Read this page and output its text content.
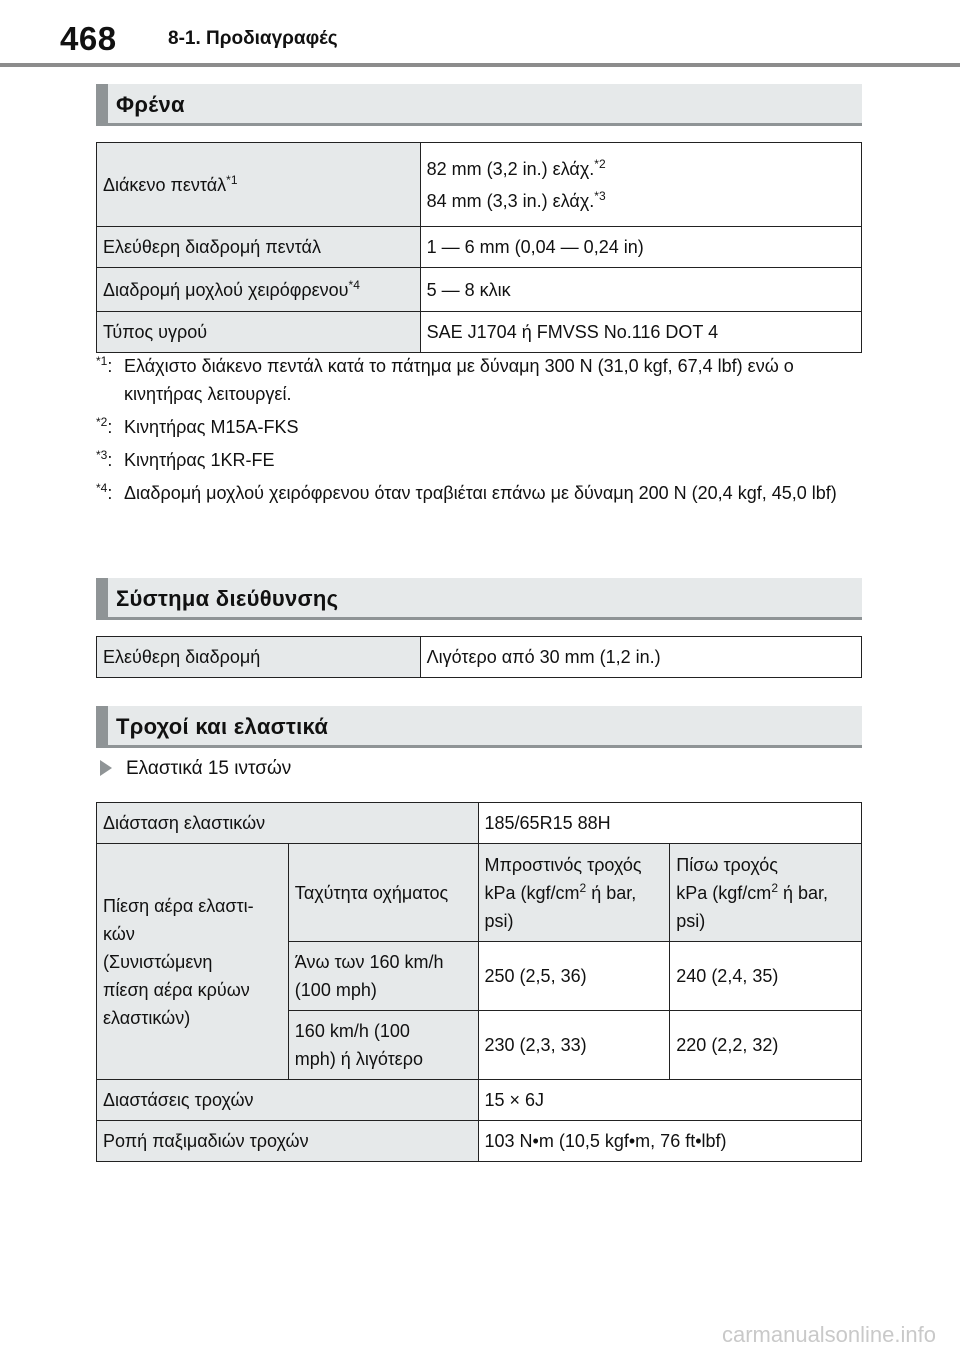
468	8-1. Προδιαγραφές
Φρένα
Διάκενο πεντάλ$^{*1}$	82 mm (3,2 in.) ελάχ.$^{*2}$
84 mm (3,3 in.) ελάχ.$^{*3}$

Ελεύθερη διαδρομή πεντάλ	1 — 6 mm (0,04 — 0,24 in)
Διαδρομή μοχλού χειρόφρενου$^{*4}$	5 — 8 κλικ
Τύπος υγρού	SAE J1704 ή FMVSS No.116 DOT 4
$^{*1}$: Ελάχιστο διάκενο πεντάλ κατά το πάτημα με δύναμη 300 N (31,0 kgf, 67,4 lbf) ενώ ο κινητήρας λειτουργεί.
$^{*2}$: Κινητήρας M15A-FKS
$^{*3}$: Κινητήρας 1KR-FE
$^{*4}$: Διαδρομή μοχλού χειρόφρενου όταν τραβιέται επάνω με δύναμη 200 N (20,4 kgf, 45,0 lbf)
Σύστημα διεύθυνσης
Ελεύθερη διαδρομή	Λιγότερο από 30 mm (1,2 in.)
Τροχοί και ελαστικά
Ελαστικά 15 ιντσών
Διάσταση ελαστικών		185/65R15 88H	

Πίεση αέρα ελαστι-
κών
(Συνιστώμενη
πίεση αέρα κρύων
ελαστικών)	Ταχύτητα οχήματος	Μπροστινός τροχός
kPa ($kgf/cm^2$ ή bar,
psi)	Πίσω τροχός
kPa ($kgf/cm^2$ ή bar,
psi)

	Άνω των 160 km/h
(100 mph)	250 (2,5, 36)	240 (2,4, 35)

	160 km/h (100
mph) ή λιγότερο	230 (2,3, 33)	220 (2,2, 32)
Διαστάσεις τροχών		15 × 6J	
Ροπή παξιμαδιών τροχών		103 N•m (10,5 kgf•m, 76 ft•lbf)	
carmanualsonline.info
